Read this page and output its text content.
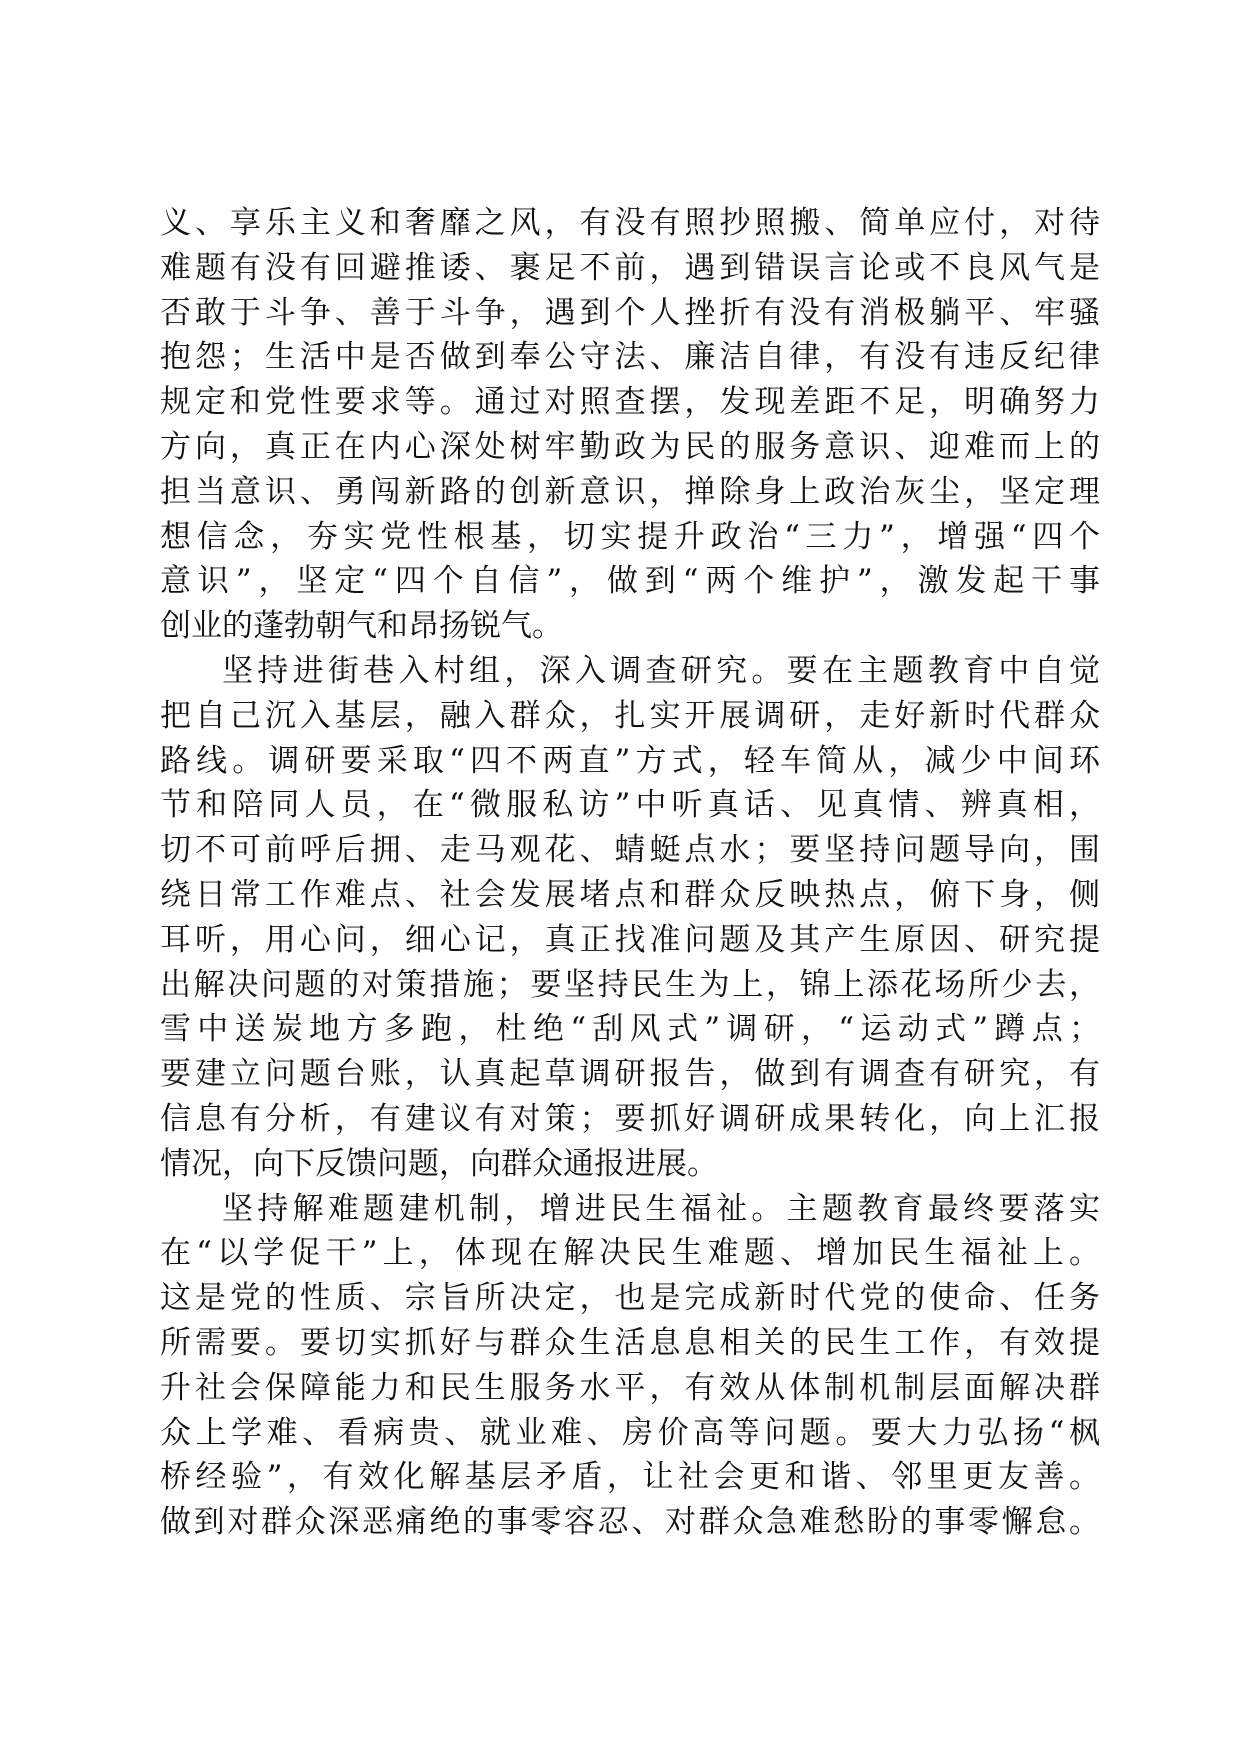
义、享乐主义和奢靡之风，有没有照抄照搬、简单应付，对待
难题有没有回避推诿、裹足不前，遇到错误言论或不良风气是
否敢于斗争、善于斗争，遇到个人挫折有没有消极躺平、牢骚
抱怨；生活中是否做到奉公守法、廉洁自律，有没有违反纪律
规定和党性要求等。通过对照查摆，发现差距不足，明确努力
方向，真正在内心深处树牢勤政为民的服务意识、迎难而上的
担当意识、勇闯新路的创新意识，掸除身上政治灰尘，坚定理
想信念，夯实党性根基，切实提升政治“三力”，增强“四个
意识”，坚定“四个自信”，做到“两个维护”，激发起干事
创业的蓬勃朝气和昂扬锐气。
坚持进街巷入村组，深入调查研究。要在主题教育中自觉
把自己沉入基层，融入群众，扎实开展调研，走好新时代群众
路线。调研要采取“四不两直”方式，轻车简从，减少中间环
节和陪同人员，在“微服私访”中听真话、见真情、辨真相，
切不可前呼后拥、走马观花、蜻蜓点水；要坚持问题导向，围
绕日常工作难点、社会发展堵点和群众反映热点，俯下身，侧
耳听，用心问，细心记，真正找准问题及其产生原因、研究提
出解决问题的对策措施；要坚持民生为上，锦上添花场所少去，
雪中送炭地方多跑，杜绝“刮风式”调研，“运动式”蹲点；
要建立问题台账，认真起草调研报告，做到有调查有研究，有
信息有分析，有建议有对策；要抓好调研成果转化，向上汇报
情况，向下反馈问题，向群众通报进展。
坚持解难题建机制，增进民生福祉。主题教育最终要落实
在“以学促干”上，体现在解决民生难题、增加民生福祉上。
这是党的性质、宗旨所决定，也是完成新时代党的使命、任务
所需要。要切实抓好与群众生活息息相关的民生工作，有效提
升社会保障能力和民生服务水平，有效从体制机制层面解决群
众上学难、看病贵、就业难、房价高等问题。要大力弘扬“枫
桥经验”，有效化解基层矛盾，让社会更和谐、邻里更友善。
做到对群众深恶痛绝的事零容忍、对群众急难愁盼的事零懈怠。
